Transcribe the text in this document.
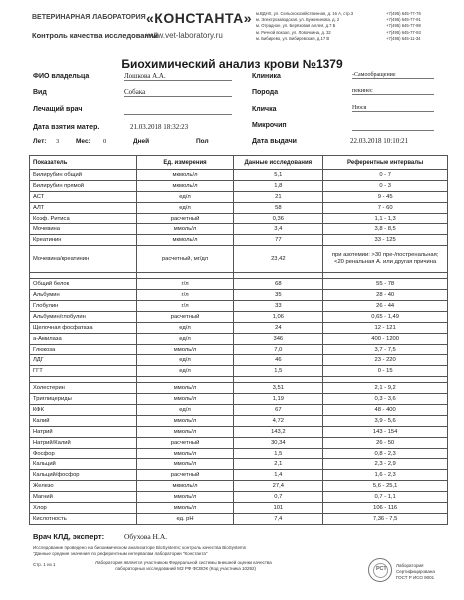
ВЕТЕРИНАРНАЯ ЛАБОРАТОРИЯ «КОНСТАНТА»
Контроль качества исследований
www.vet-laboratory.ru
м.ВДНХ, ул. Сельскохозяйственная, д. 16 А, стр.3
м. Электрозаводская, ул. Буженинова, д. 2
м. Отрадное, ул. Берёзовая аллея, д.7 Б
м. Речной вокзал, ул. Ловочкина, д. 32
м. Бибирево, ул. Бибиревская, д.17 В
+7(495) 645-77-76
+7(495) 645-77-91
+7(495) 645-77-98
+7(495) 645-77-93
+7(495) 645-11-34
Биохимический анализ крови №1379
ФИО владельца	Лошкова А.А.
Вид	Собака
Лечащий врач
Дата взятия матер.	21.03.2018 18:32:23
Клиника	-Самообращение
Порода	пекинес
Кличка	Нюся
Микрочип
Дата выдачи	22.03.2018 10:10:21
Лет: 3	Мес: 0	Дней	Пол
Показатель	Ед. измерения	Данные исследования	Референтные интервалы
Билирубин общий	мкмоль/л	5,1	0 - 7
Билирубин прямой	мкмоль/л	1,8	0 - 3
АСТ	ед/л	21	9 - 45
АЛТ	ед/л	58	7 - 60
Коэф. Ритиса	расчетный	0,36	1,1 - 1,3
Мочевина	ммоль/л	3,4	3,8 - 8,5
Креатинин	мкмоль/л	77	33 - 125
Мочевина/креатинин	расчетный, мг/дл	23,42	при азотемии: >30 пре-/постренальная; <20 ренальная А. или другая причина

Общий белок	г/л	68	55 - 78
Альбумин	г/л	35	28 - 40
Глобулин	г/л	33	26 - 44
Альбумин/глобулин	расчетный	1,06	0,65 - 1,49
Щелочная фосфатаза	ед/л	24	12 - 121
а-Амилаза	ед/л	346	400 - 1200
Глюкоза	ммоль/л	7,0	3,7 - 7,5
ЛДГ	ед/л	46	23 - 220
ГГТ	ед/л	1,5	0 - 15

Холестерин	ммоль/л	3,51	2,1 - 9,2
Триглицериды	ммоль/л	1,19	0,3 - 3,6
КФК	ед/л	67	48 - 400
Калий	ммоль/л	4,72	3,9 - 5,6
Натрий	ммоль/л	143,2	143 - 154
Натрий/Калий	расчетный	30,34	26 - 50
Фосфор	ммоль/л	1,5	0,8 - 2,3
Кальций	ммоль/л	2,1	2,3 - 2,9
Кальций/фосфор	расчетный	1,4	1,6 - 2,3
Железо	мкмоль/л	27,4	5,6 - 25,1
Магний	ммоль/л	0,7	0,7 - 1,1
Хлор	ммоль/л	101	106 - 116
Кислотность	ед. pH	7,4	7,36 - 7,5
Врач КЛД, эксперт:	Обухова Н.А.
Исследование проведено на биохимическом анализаторе BioSystems; контроль качества BioSystems
"Данные средние значения по референтным интервалам лаборатории "Константа"
Стр. 1 из 1	Лаборатория является участником Федеральной системы внешней оценки качества
лабораторных исследований МЗ РФ ФСВОК (Код участника 10292)	РСТ
Лаборатория
Сертифицирована
ГОСТ Р ИСО 9001
